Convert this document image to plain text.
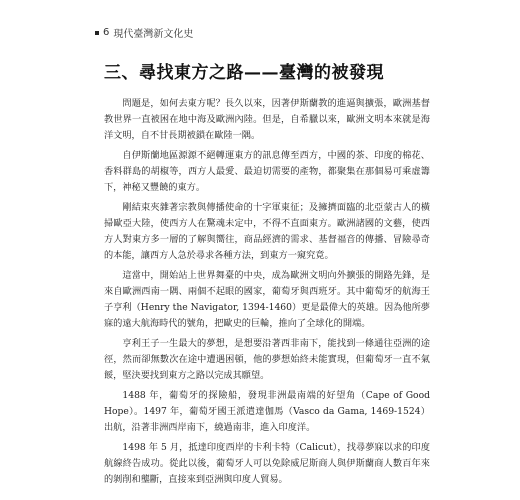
6 現代臺灣新文化史
三、尋找東方之路——臺灣的被發現

問題是，如何去東方呢？長久以來，因著伊斯蘭教的進逼與擴張，歐洲基督教世界一直被困在地中海及歐洲內陸。但是，自希臘以來，歐洲文明本來就是海洋文明，自不甘長期被鎖在歐陸一隅。

自伊斯蘭地區源源不絕轉運東方的訊息傳至西方，中國的茶、印度的棉花、香料群島的胡椒等，西方人最愛、最迫切需要的產物，都聚集在那個易可乘虛籌下，神秘又豐饒的東方。

剛結束夾雜著宗教與傳播使命的十字軍東征；及擁擠面臨的北亞蒙古人的橫掃歐亞大陸，使西方人在驚魂未定中，不得不直面東方。歐洲諸國的文藝，使西方人對東方多一層的了解與嚮往，商品經濟的需求、基督福音的傳播、冒險尋奇的本能，讓西方人急於尋求各種方法，到東方一窺究竟。

這當中，開始站上世界舞臺的中央，成為歐洲文明向外擴張的開路先鋒，是來自歐洲西南一隅、兩個不起眼的國家，葡萄牙與西班牙。其中葡萄牙的航海王子亨利（Henry the Navigator, 1394-1460）更是最偉大的英雄。因為他所夢寐的遠大航海時代的號角，把歐史的巨輪，推向了全球化的開端。

亨利王子一生最大的夢想，是想要沿著西非南下，能找到一條通往亞洲的途徑，然而卻無數次在途中遭遇困頓，他的夢想始終未能實現，但葡萄牙一直不氣餒，堅決要找到東方之路以完成其願望。

1488 年，葡萄牙的探險船，發現非洲最南端的好望角（Cape of Good Hope）。1497 年，葡萄牙國王派遣達伽馬（Vasco da Gama, 1469-1524）出航，沿著非洲西岸南下，繞過南非，進入印度洋。

1498 年 5 月，抵達印度西岸的卡利卡特（Calicut），找尋夢寐以求的印度航線終告成功。從此以後，葡萄牙人可以免除威尼斯商人與伊斯蘭商人數百年來的剝削和壟斷，直接來到亞洲與印度人貿易。
